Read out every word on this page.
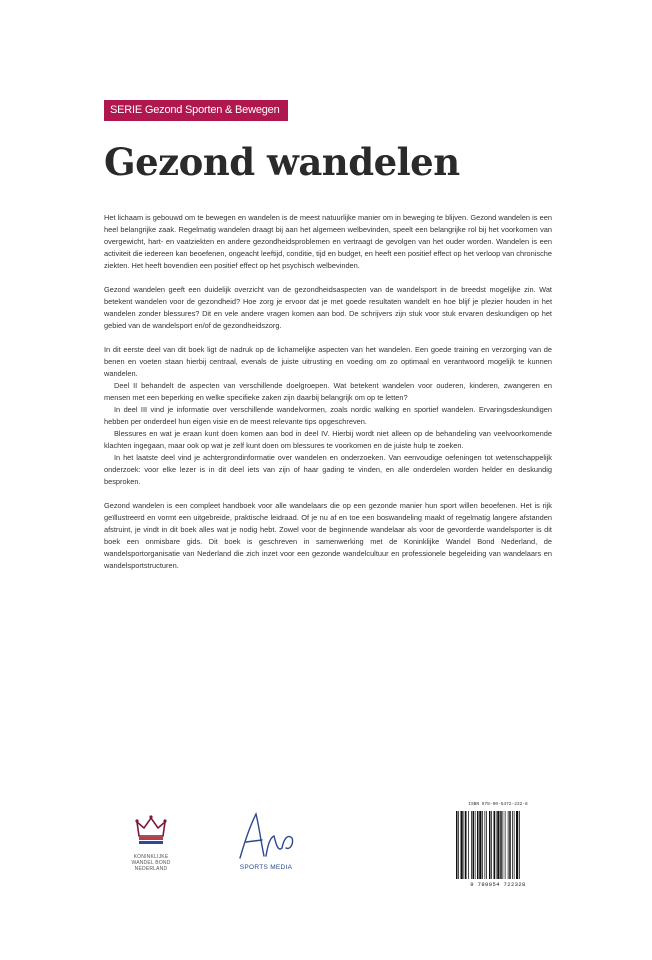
SERIE Gezond Sporten & Bewegen
Gezond wandelen

Het lichaam is gebouwd om te bewegen en wandelen is de meest natuurlijke manier om in beweging te blijven. Gezond wandelen is een heel belangrijke zaak. Regelmatig wandelen draagt bij aan het algemeen welbevinden, speelt een belangrijke rol bij het voorkomen van overgewicht, hart- en vaatziekten en andere gezondheidsproblemen en vertraagt de gevolgen van het ouder worden. Wandelen is een activiteit die iedereen kan beoefenen, ongeacht leeftijd, conditie, tijd en budget, en heeft een positief effect op het verloop van chronische ziekten. Het heeft bovendien een positief effect op het psychisch welbevinden.

Gezond wandelen geeft een duidelijk overzicht van de gezondheidsaspecten van de wandelsport in de breedst mogelijke zin. Wat betekent wandelen voor de gezondheid? Hoe zorg je ervoor dat je met goede resultaten wandelt en hoe blijf je plezier houden in het wandelen zonder blessures? Dit en vele andere vragen komen aan bod. De schrijvers zijn stuk voor stuk ervaren deskundigen op het gebied van de wandelsport en/of de gezondheidszorg.

In dit eerste deel van dit boek ligt de nadruk op de lichamelijke aspecten van het wandelen. Een goede training en verzorging van de benen en voeten staan hierbij centraal, evenals de juiste uitrusting en voeding om zo optimaal en verantwoord mogelijk te kunnen wandelen.

Deel II behandelt de aspecten van verschillende doelgroepen. Wat betekent wandelen voor ouderen, kinderen, zwangeren en mensen met een beperking en welke specifieke zaken zijn daarbij belangrijk om op te letten?

In deel III vind je informatie over verschillende wandelvormen, zoals nordic walking en sportief wandelen. Ervaringsdeskundigen hebben per onderdeel hun eigen visie en de meest relevante tips opgeschreven.

Blessures en wat je eraan kunt doen komen aan bod in deel IV. Hierbij wordt niet alleen op de behandeling van veelvoorkomende klachten ingegaan, maar ook op wat je zelf kunt doen om blessures te voorkomen en de juiste hulp te zoeken.

In het laatste deel vind je achtergrondinformatie over wandelen en onderzoeken. Van eenvoudige oefeningen tot wetenschappelijk onderzoek: voor elke lezer is in dit deel iets van zijn of haar gading te vinden, en alle onderdelen worden helder en deskundig besproken.

Gezond wandelen is een compleet handboek voor alle wandelaars die op een gezonde manier hun sport willen beoefenen. Het is rijk geïllustreerd en vormt een uitgebreide, praktische leidraad. Of je nu af en toe een boswandeling maakt of regelmatig langere afstanden afstruint, je vindt in dit boek alles wat je nodig hebt. Zowel voor de beginnende wandelaar als voor de gevorderde wandelsporter is dit boek een onmisbare gids. Dit boek is geschreven in samenwerking met de Koninklijke Wandel Bond Nederland, de wandelsportorganisatie van Nederland die zich inzet voor een gezonde wandelcultuur en professionele begeleiding van wandelaars en wandelsportstructuren.

KONINKLIJKE
WANDEL BOND
NEDERLAND	SPORTS MEDIA
ISBN 978-90-5472-232-8
9 789054 722328
